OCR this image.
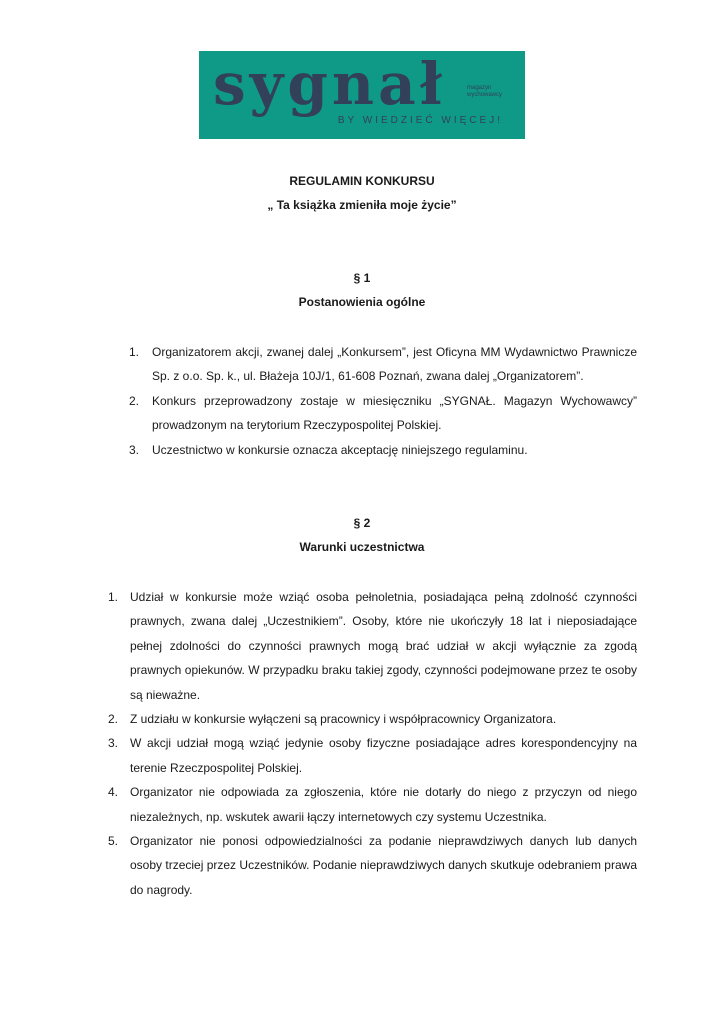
sygnał	magazyn
wychowawcy
BY WIEDZIEĆ WIĘCEJ!
REGULAMIN KONKURSU
„ Ta książka zmieniła moje życie”
§ 1
Postanowienia ogólne
1.	Organizatorem akcji, zwanej dalej „Konkursem”, jest Oficyna MM Wydawnictwo Prawnicze Sp. z o.o. Sp. k., ul. Błażeja 10J/1, 61-608 Poznań, zwana dalej „Organizatorem”.
2.	Konkurs przeprowadzony zostaje w miesięczniku „SYGNAŁ. Magazyn Wychowawcy” prowadzonym na terytorium Rzeczypospolitej Polskiej.
3.	Uczestnictwo w konkursie oznacza akceptację niniejszego regulaminu.
§ 2
Warunki uczestnictwa
1. Udział w konkursie może wziąć osoba pełnoletnia, posiadająca pełną zdolność czynności prawnych, zwana dalej „Uczestnikiem”. Osoby, które nie ukończyły 18 lat i nieposiadające pełnej zdolności do czynności prawnych mogą brać udział w akcji wyłącznie za zgodą prawnych opiekunów. W przypadku braku takiej zgody, czynności podejmowane przez te osoby są nieważne.
2. Z udziału w konkursie wyłączeni są pracownicy i współpracownicy Organizatora.
3. W akcji udział mogą wziąć jedynie osoby fizyczne posiadające adres korespondencyjny na terenie Rzeczpospolitej Polskiej.
4. Organizator nie odpowiada za zgłoszenia, które nie dotarły do niego z przyczyn od niego niezależnych, np. wskutek awarii łączy internetowych czy systemu Uczestnika.
5. Organizator nie ponosi odpowiedzialności za podanie nieprawdziwych danych lub danych osoby trzeciej przez Uczestników. Podanie nieprawdziwych danych skutkuje odebraniem prawa do nagrody.
